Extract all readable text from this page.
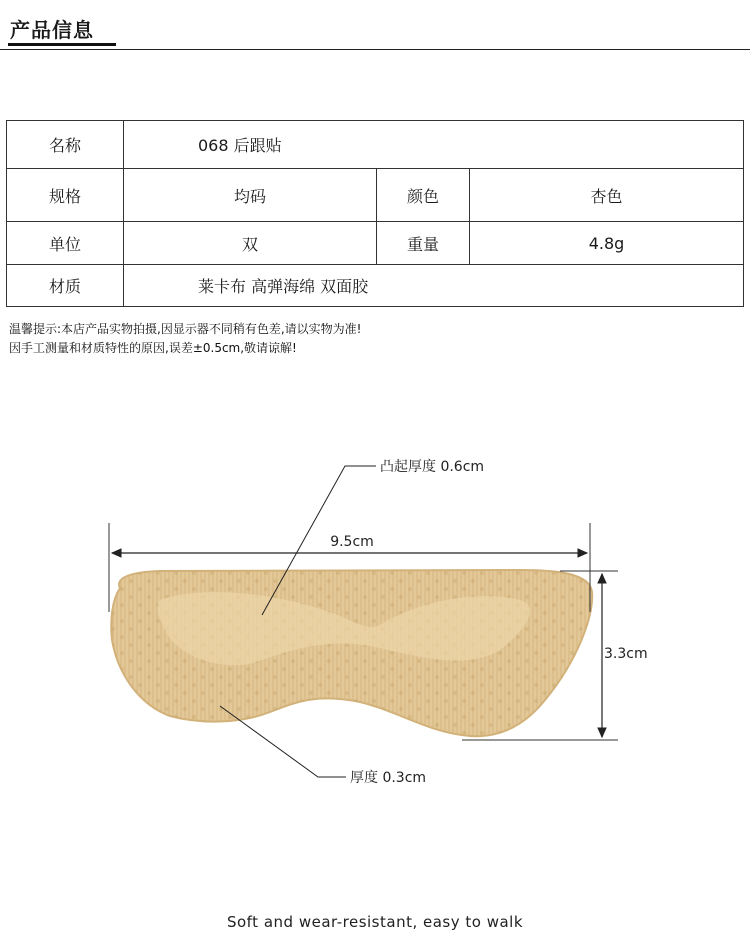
产品信息
名称	068 后跟贴		
规格	均码	颜色	杏色
单位	双	重量	4.8g
材质	莱卡布 高弹海绵 双面胶		
温馨提示:本店产品实物拍摄,因显示器不同稍有色差,请以实物为准!
因手工测量和材质特性的原因,误差±0.5cm,敬请谅解!
9.5cm
3.3cm
凸起厚度 0.6cm
厚度 0.3cm
Soft and wear-resistant, easy to walk
